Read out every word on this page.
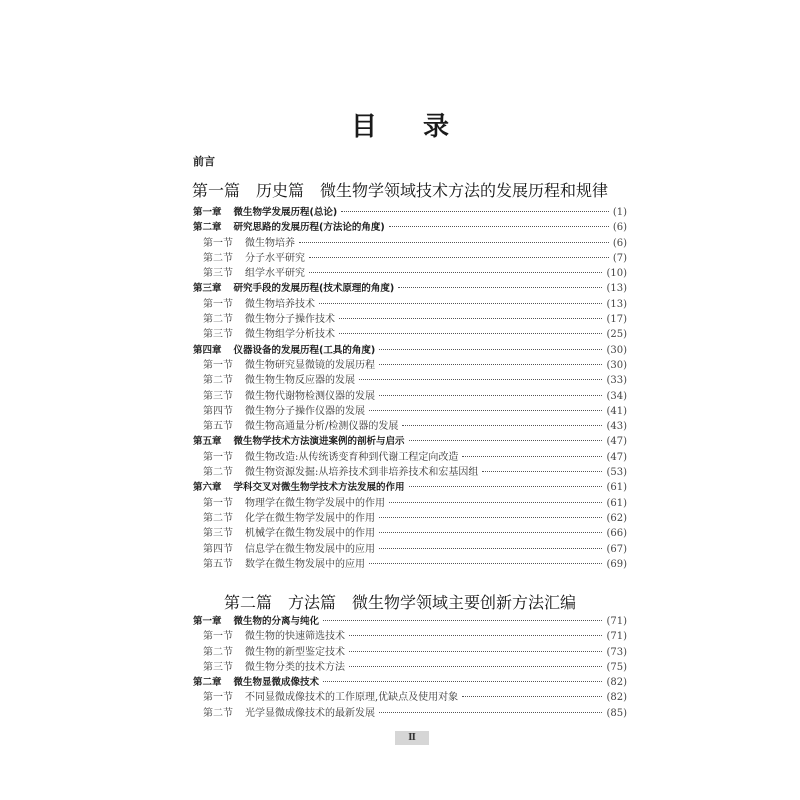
目 录
前言
第一篇　历史篇　微生物学领域技术方法的发展历程和规律
第一章 微生物学发展历程(总论)	(1)
第二章 研究思路的发展历程(方法论的角度)	(6)
第一节 微生物培养	(6)
第二节 分子水平研究	(7)
第三节 组学水平研究	(10)
第三章 研究手段的发展历程(技术原理的角度)	(13)
第一节 微生物培养技术	(13)
第二节 微生物分子操作技术	(17)
第三节 微生物组学分析技术	(25)
第四章 仪器设备的发展历程(工具的角度)	(30)
第一节 微生物研究显微镜的发展历程	(30)
第二节 微生物生物反应器的发展	(33)
第三节 微生物代谢物检测仪器的发展	(34)
第四节 微生物分子操作仪器的发展	(41)
第五节 微生物高通量分析/检测仪器的发展	(43)
第五章 微生物学技术方法演进案例的剖析与启示	(47)
第一节 微生物改造:从传统诱变育种到代谢工程定向改造	(47)
第二节 微生物资源发掘:从培养技术到非培养技术和宏基因组	(53)
第六章 学科交叉对微生物学技术方法发展的作用	(61)
第一节 物理学在微生物学发展中的作用	(61)
第二节 化学在微生物学发展中的作用	(62)
第三节 机械学在微生物发展中的作用	(66)
第四节 信息学在微生物发展中的应用	(67)
第五节 数学在微生物发展中的应用	(69)
第二篇　方法篇　微生物学领域主要创新方法汇编
第一章 微生物的分离与纯化	(71)
第一节 微生物的快速筛选技术	(71)
第二节 微生物的新型鉴定技术	(73)
第三节 微生物分类的技术方法	(75)
第二章 微生物显微成像技术	(82)
第一节 不同显微成像技术的工作原理,优缺点及使用对象	(82)
第二节 光学显微成像技术的最新发展	(85)
Ⅱ
